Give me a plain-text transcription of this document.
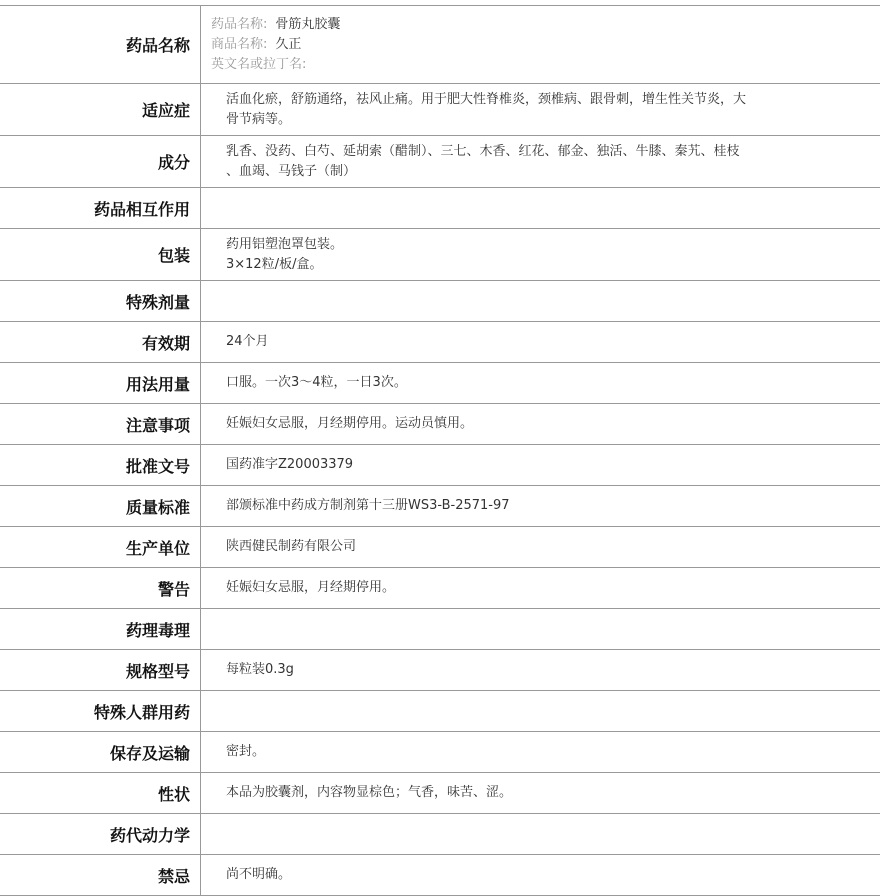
药品名称	药品名称: 骨筋丸胶囊
商品名称: 久正
英文名或拉丁名:

适应症	活血化瘀，舒筋通络，祛风止痛。用于肥大性脊椎炎，颈椎病、跟骨刺，增生性关节炎，大
骨节病等。

成分	乳香、没药、白芍、延胡索（醋制）、三七、木香、红花、郁金、独活、牛膝、秦艽、桂枝
、血竭、马钱子（制）

药品相互作用	
包装	药用铝塑泡罩包装。
3×12粒/板/盒。

特殊剂量	
有效期	24个月

用法用量	口服。一次3～4粒，一日3次。

注意事项	妊娠妇女忌服，月经期停用。运动员慎用。

批准文号	国药准字Z20003379

质量标准	部颁标准中药成方制剂第十三册WS3-B-2571-97

生产单位	陕西健民制药有限公司

警告	妊娠妇女忌服，月经期停用。

药理毒理	
规格型号	每粒装0.3g

特殊人群用药	
保存及运输	密封。

性状	本品为胶囊剂，内容物显棕色；气香，味苦、涩。

药代动力学	
禁忌	尚不明确。
